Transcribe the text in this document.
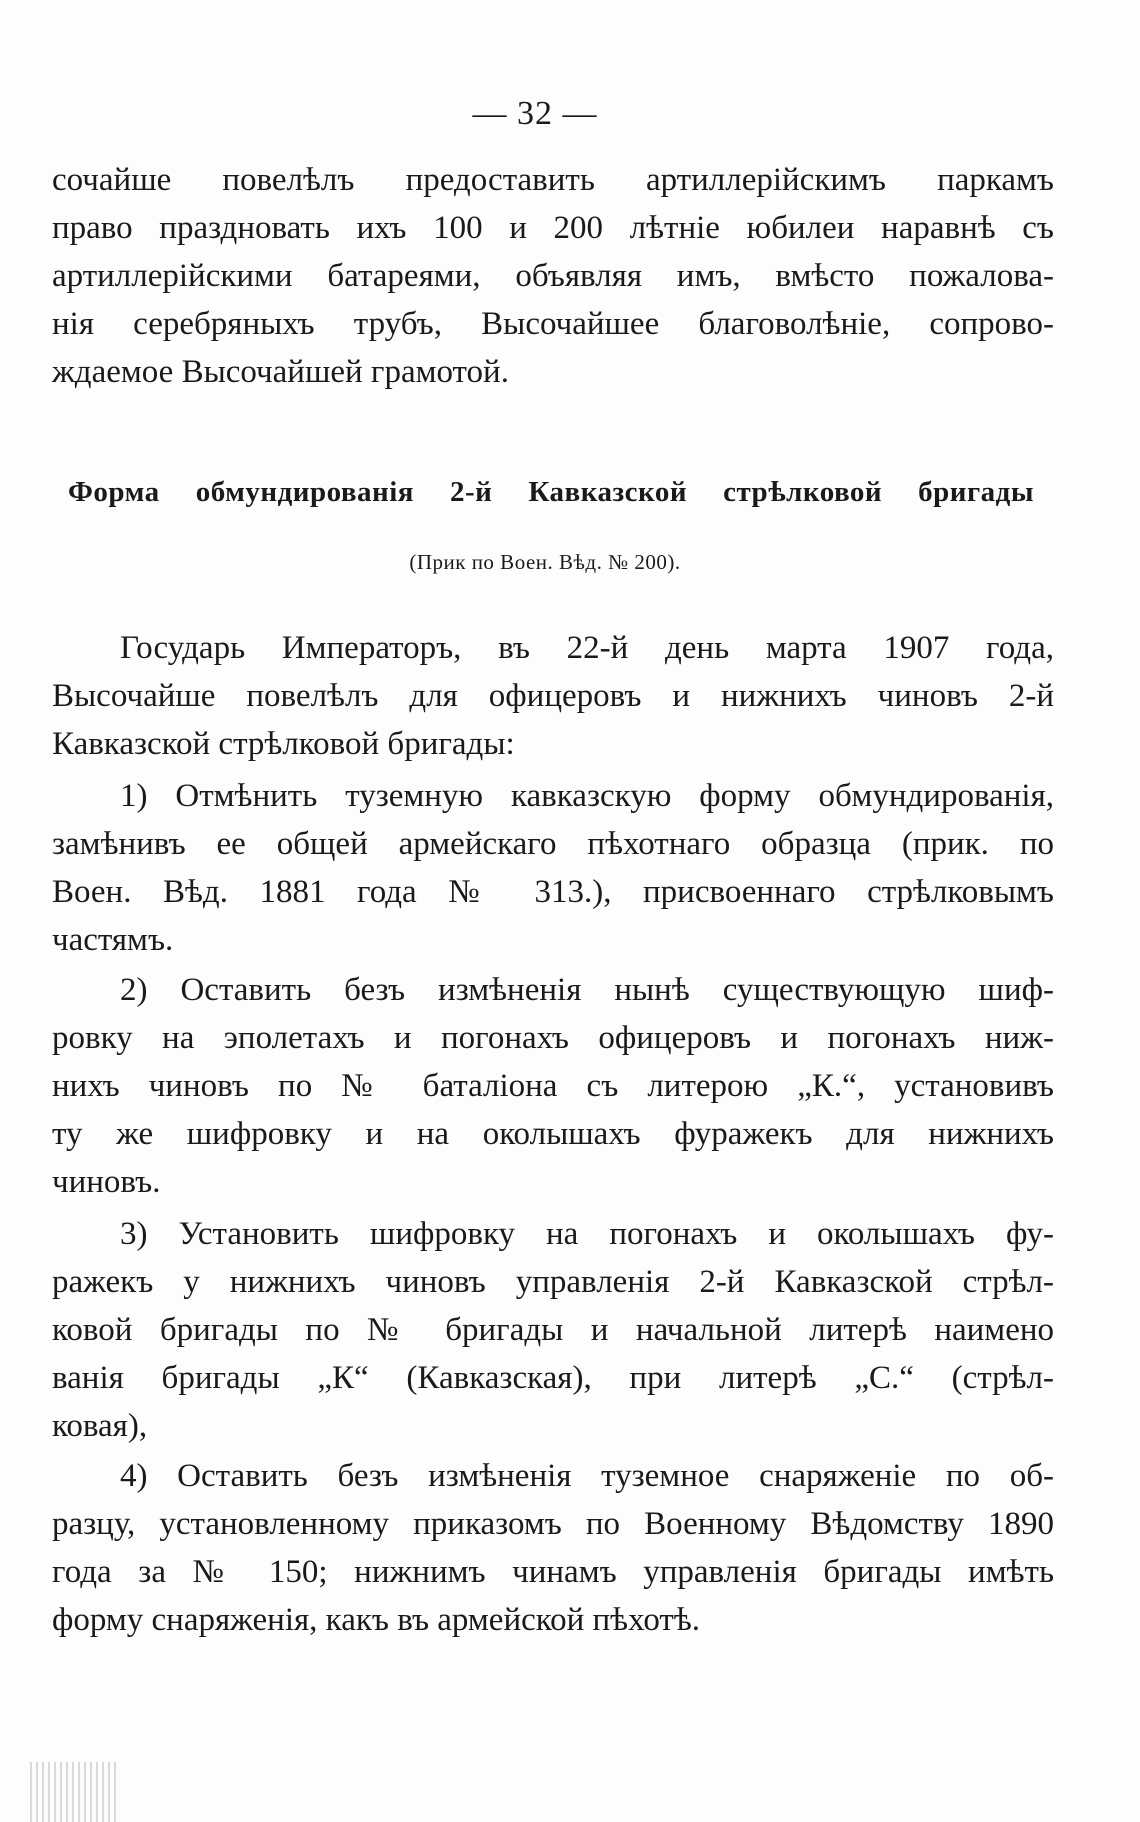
— 32 —
сочайше повелѣлъ предоставить артиллерійскимъ паркамъ
право праздновать ихъ 100 и 200 лѣтніе юбилеи наравнѣ съ
артиллерійскими батареями, объявляя имъ, вмѣсто пожалова-
нія серебряныхъ трубъ, Высочайшее благоволѣніе, сопрово-
ждаемое Высочайшей грамотой.
Форма обмундированія 2-й Кавказской стрѣлковой бригады
(Прик по Воен. Вѣд. № 200).
Государь Императоръ, въ 22-й день марта 1907 года,
Высочайше повелѣлъ для офицеровъ и нижнихъ чиновъ 2-й
Кавказской стрѣлковой бригады:
1) Отмѣнить туземную кавказскую форму обмундированія,
замѣнивъ ее общей армейскаго пѣхотнаго образца (прик. по
Воен. Вѣд. 1881 года № 313.), присвоеннаго стрѣлковымъ
частямъ.
2) Оставить безъ измѣненія нынѣ существующую шиф-
ровку на эполетахъ и погонахъ офицеровъ и погонахъ ниж-
нихъ чиновъ по № баталіона съ литерою „К.“, установивъ
ту же шифровку и на околышахъ фуражекъ для нижнихъ
чиновъ.
3) Установить шифровку на погонахъ и околышахъ фу-
ражекъ у нижнихъ чиновъ управленія 2-й Кавказской стрѣл-
ковой бригады по № бригады и начальной литерѣ наимено
ванія бригады „К“ (Кавказская), при литерѣ „С.“ (стрѣл-
ковая),
4) Оставить безъ измѣненія туземное снаряженіе по об-
разцу, установленному приказомъ по Военному Вѣдомству 1890
года за № 150; нижнимъ чинамъ управленія бригады имѣть
форму снаряженія, какъ въ армейской пѣхотѣ.
